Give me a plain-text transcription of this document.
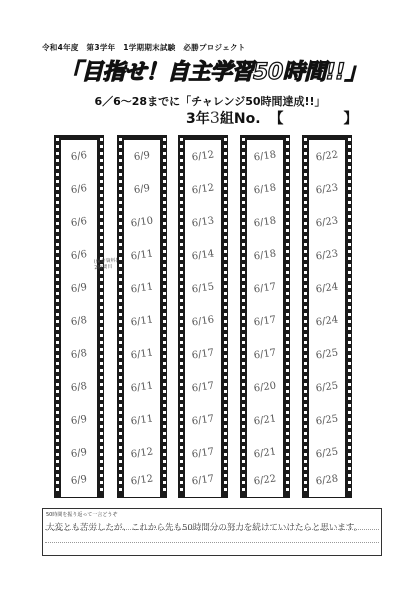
令和4年度　第3学年　1学期期末試験　必勝プロジェクト
「目指せ！自主学習50時間!!」
6／6～28までに「チャレンジ50時間達成!!」
3年3組No. 【	】
6/6
6/6
6/6
6/6
6/9
6/8
6/8
6/8
6/9
6/9
6/9
6/9
6/9
6/10
6/11
6/11
6/11
6/11
6/11
6/11
6/12
6/12
6/12
6/12
6/13
6/14
6/15
6/16
6/17
6/17
6/17
6/17
6/17
6/18
6/18
6/18
6/18
6/17
6/17
6/17
6/20
6/21
6/21
6/22
6/22
6/23
6/23
6/23
6/24
6/24
6/25
6/25
6/25
6/25
6/28
(保存資料)　2時間目
50時間を振り返って一言どうぞ
大変とも苦労したが、これから先も50時間分の努力を続けていけたらと思います。
